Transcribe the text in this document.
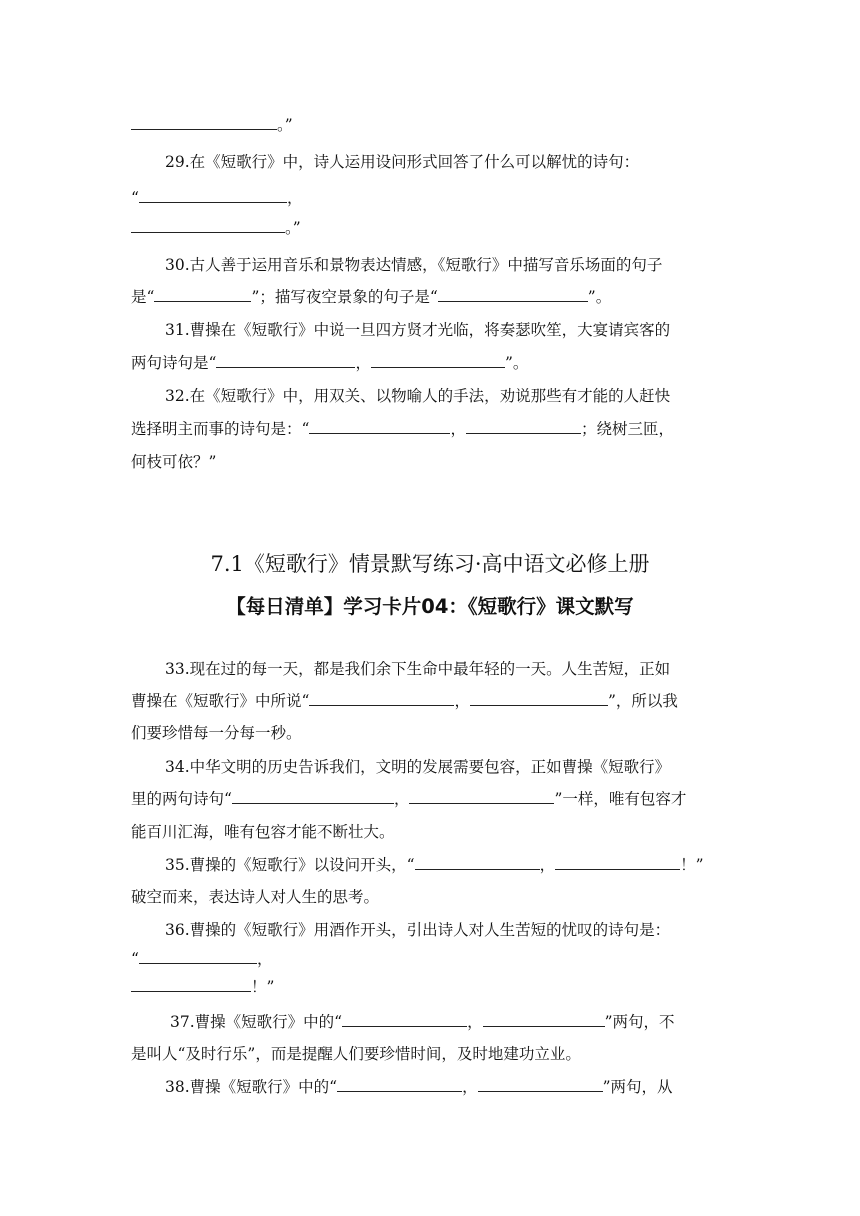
。”
29.在《短歌行》中，诗人运用设问形式回答了什么可以解忧的诗句：
“	，
。”
30.古人善于运用音乐和景物表达情感，《短歌行》中描写音乐场面的句子
是“	”；描写夜空景象的句子是“	”。
31.曹操在《短歌行》中说一旦四方贤才光临，将奏瑟吹笙，大宴请宾客的
两句诗句是“	，	”。
32.在《短歌行》中，用双关、以物喻人的手法，劝说那些有才能的人赶快
选择明主而事的诗句是：“	，	；绕树三匝，
何枝可依？”
7.1《短歌行》情景默写练习·高中语文必修上册
【每日清单】学习卡片04：《短歌行》课文默写
33.现在过的每一天，都是我们余下生命中最年轻的一天。人生苦短，正如
曹操在《短歌行》中所说“	，	”，所以我
们要珍惜每一分每一秒。
34.中华文明的历史告诉我们，文明的发展需要包容，正如曹操《短歌行》
里的两句诗句“	，	”一样，唯有包容才
能百川汇海，唯有包容才能不断壮大。
35.曹操的《短歌行》以设问开头，“	，	！”
破空而来，表达诗人对人生的思考。
36.曹操的《短歌行》用酒作开头，引出诗人对人生苦短的忧叹的诗句是：
“	，
！”
37.曹操《短歌行》中的“	，	”两句，不
是叫人“及时行乐”，而是提醒人们要珍惜时间，及时地建功立业。
38.曹操《短歌行》中的“	，	”两句，从
